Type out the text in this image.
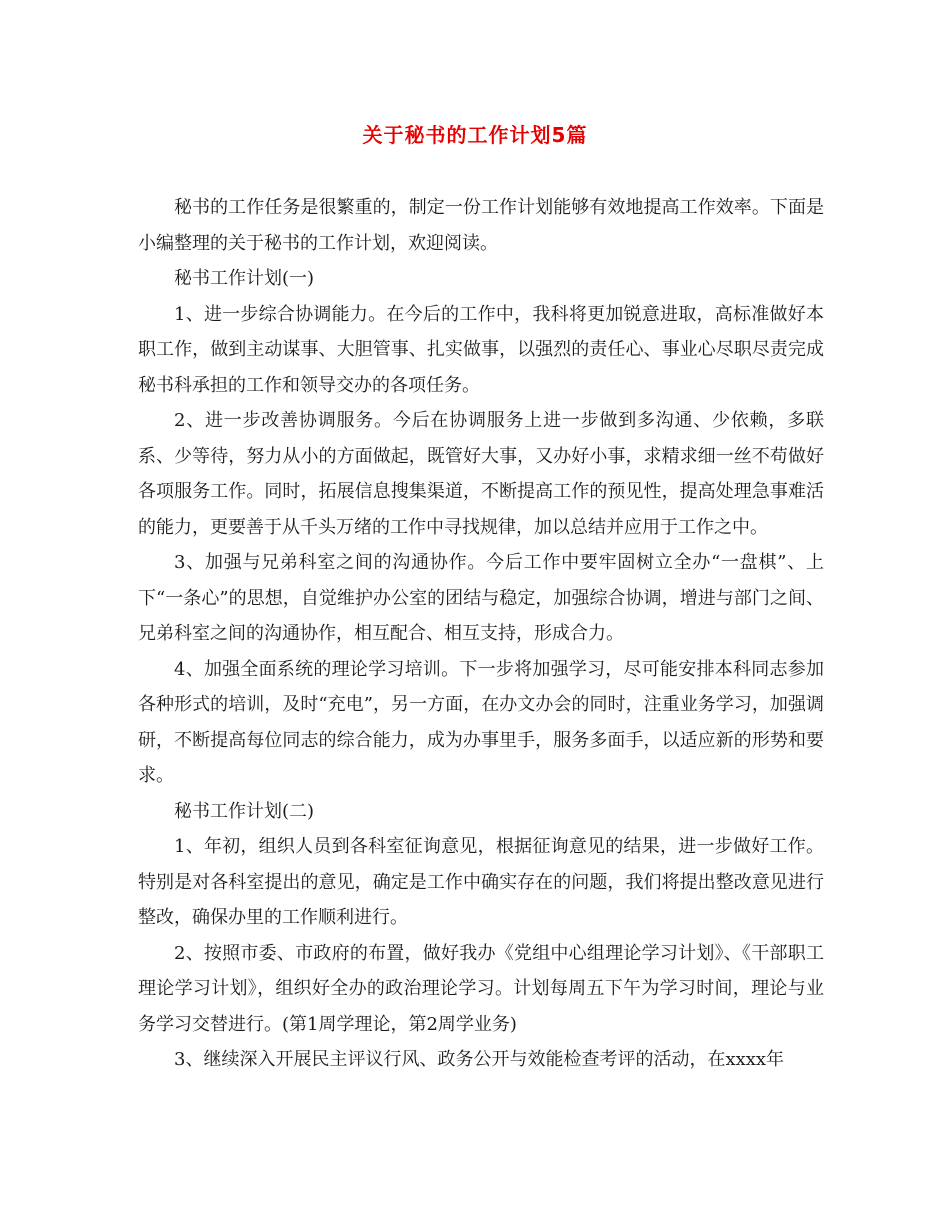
关于秘书的工作计划5篇

秘书的工作任务是很繁重的，制定一份工作计划能够有效地提高工作效率。下面是小编整理的关于秘书的工作计划，欢迎阅读。

秘书工作计划(一)

1、进一步综合协调能力。在今后的工作中，我科将更加锐意进取，高标准做好本职工作，做到主动谋事、大胆管事、扎实做事，以强烈的责任心、事业心尽职尽责完成秘书科承担的工作和领导交办的各项任务。

2、进一步改善协调服务。今后在协调服务上进一步做到多沟通、少依赖，多联系、少等待，努力从小的方面做起，既管好大事，又办好小事，求精求细一丝不苟做好各项服务工作。同时，拓展信息搜集渠道，不断提高工作的预见性，提高处理急事难活的能力，更要善于从千头万绪的工作中寻找规律，加以总结并应用于工作之中。

3、加强与兄弟科室之间的沟通协作。今后工作中要牢固树立全办“一盘棋”、上下“一条心”的思想，自觉维护办公室的团结与稳定，加强综合协调，增进与部门之间、兄弟科室之间的沟通协作，相互配合、相互支持，形成合力。

4、加强全面系统的理论学习培训。下一步将加强学习，尽可能安排本科同志参加各种形式的培训，及时“充电”，另一方面，在办文办会的同时，注重业务学习，加强调研，不断提高每位同志的综合能力，成为办事里手，服务多面手，以适应新的形势和要求。

秘书工作计划(二)

1、年初，组织人员到各科室征询意见，根据征询意见的结果，进一步做好工作。特别是对各科室提出的意见，确定是工作中确实存在的问题，我们将提出整改意见进行整改，确保办里的工作顺利进行。

2、按照市委、市政府的布置，做好我办《党组中心组理论学习计划》、《干部职工理论学习计划》，组织好全办的政治理论学习。计划每周五下午为学习时间，理论与业务学习交替进行。(第1周学理论，第2周学业务)

3、继续深入开展民主评议行风、政务公开与效能检查考评的活动，在xxxx年
